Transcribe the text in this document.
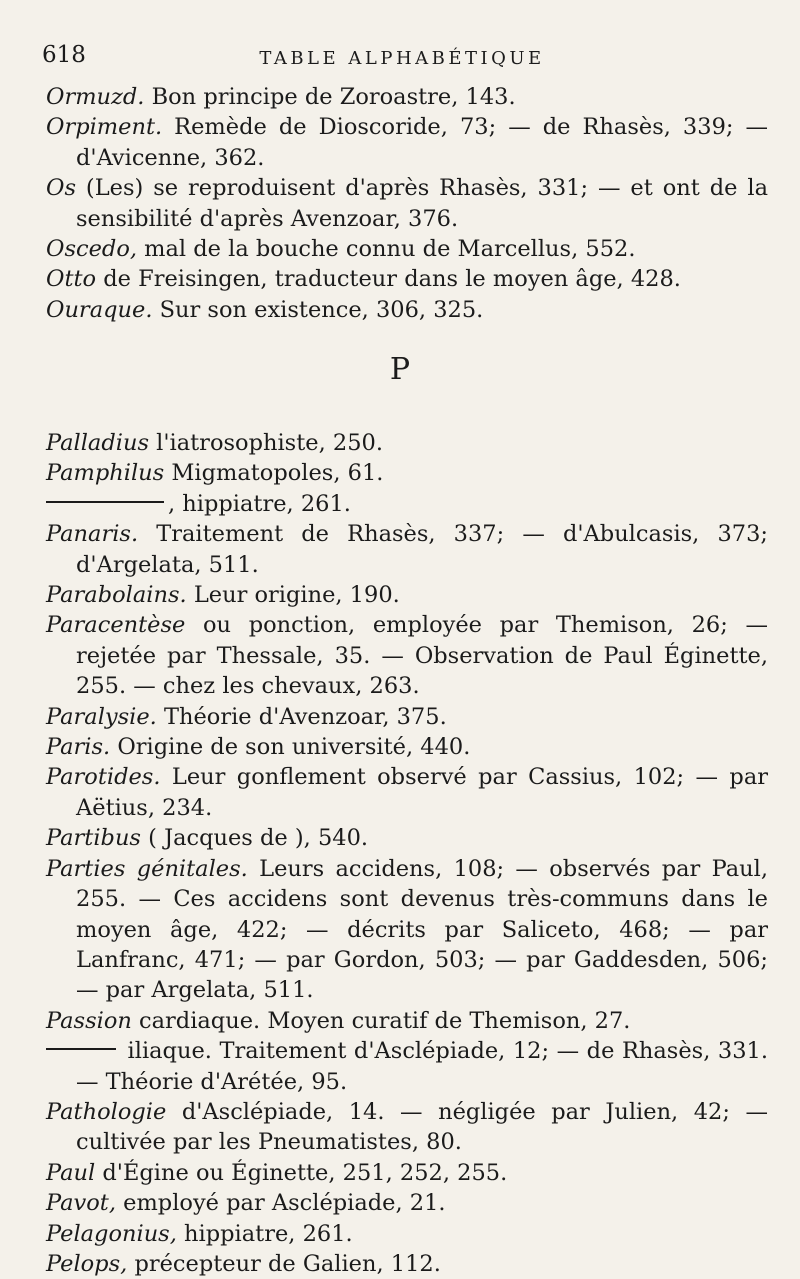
618	TABLE ALPHABÉTIQUE
Ormuzd. Bon principe de Zoroastre, 143.
Orpiment. Remède de Dioscoride, 73; — de Rhasès, 339; — d'Avicenne, 362.
Os (Les) se reproduisent d'après Rhasès, 331; — et ont de la sensibilité d'après Avenzoar, 376.
Oscedo, mal de la bouche connu de Marcellus, 552.
Otto de Freisingen, traducteur dans le moyen âge, 428.
Ouraque. Sur son existence, 306, 325.
P
Palladius l'iatrosophiste, 250.
Pamphilus Migmatopoles, 61.
, hippiatre, 261.
Panaris. Traitement de Rhasès, 337; — d'Abulcasis, 373; d'Argelata, 511.
Parabolains. Leur origine, 190.
Paracentèse ou ponction, employée par Themison, 26; — rejetée par Thessale, 35. — Observation de Paul Éginette, 255. — chez les chevaux, 263.
Paralysie. Théorie d'Avenzoar, 375.
Paris. Origine de son université, 440.
Parotides. Leur gonflement observé par Cassius, 102; — par Aëtius, 234.
Partibus ( Jacques de ), 540.
Parties génitales. Leurs accidens, 108; — observés par Paul, 255. — Ces accidens sont devenus très-communs dans le moyen âge, 422; — décrits par Saliceto, 468; — par Lanfranc, 471; — par Gordon, 503; — par Gaddesden, 506; — par Argelata, 511.
Passion cardiaque. Moyen curatif de Themison, 27.
iliaque. Traitement d'Asclépiade, 12; — de Rhasès, 331. — Théorie d'Arétée, 95.
Pathologie d'Asclépiade, 14. — négligée par Julien, 42; — cultivée par les Pneumatistes, 80.
Paul d'Égine ou Éginette, 251, 252, 255.
Pavot, employé par Asclépiade, 21.
Pelagonius, hippiatre, 261.
Pelops, précepteur de Galien, 112.
